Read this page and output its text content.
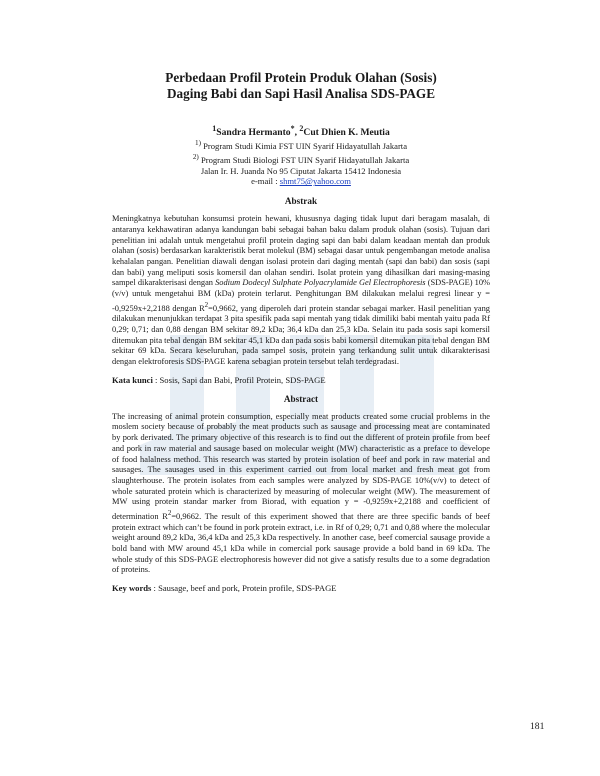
Perbedaan Profil Protein Produk Olahan (Sosis)
Daging Babi dan Sapi Hasil Analisa SDS-PAGE

$^1$Sandra Hermanto*, $^2$Cut Dhien K. Meutia
$^{1)}$ Program Studi Kimia FST UIN Syarif Hidayatullah Jakarta
$^{2)}$ Program Studi Biologi FST UIN Syarif Hidayatullah Jakarta
Jalan Ir. H. Juanda No 95 Ciputat Jakarta 15412 Indonesia
e-mail : shmt75@yahoo.com
Abstrak

Meningkatnya kebutuhan konsumsi protein hewani, khususnya daging tidak luput dari beragam masalah, di antaranya kekhawatiran adanya kandungan babi sebagai bahan baku dalam produk olahan (sosis). Tujuan dari penelitian ini adalah untuk mengetahui profil protein daging sapi dan babi dalam keadaan mentah dan produk olahan (sosis) berdasarkan karakteristik berat molekul (BM) sebagai dasar untuk pengembangan metode analisa kehalalan pangan. Penelitian diawali dengan isolasi protein dari daging mentah (sapi dan babi) dan sosis (sapi dan babi) yang meliputi sosis komersil dan olahan sendiri. Isolat protein yang dihasilkan dari masing-masing sampel dikarakterisasi dengan Sodium Dodecyl Sulphate Polyacrylamide Gel Electrophoresis (SDS-PAGE) 10%(v/v) untuk mengetahui BM (kDa) protein terlarut. Penghitungan BM dilakukan melalui regresi linear y = -0,9259x+2,2188 dengan $R^2=0,9662$, yang diperoleh dari protein standar sebagai marker. Hasil penelitian yang dilakukan menunjukkan terdapat 3 pita spesifik pada sapi mentah yang tidak dimiliki babi mentah yaitu pada Rf 0,29; 0,71; dan 0,88 dengan BM sekitar 89,2 kDa; 36,4 kDa dan 25,3 kDa. Selain itu pada sosis sapi komersil ditemukan pita tebal dengan BM sekitar 45,1 kDa dan pada sosis babi komersil ditemukan pita tebal dengan BM sekitar 69 kDa. Secara keseluruhan, pada sampel sosis, protein yang terkandung sulit untuk dikarakterisasi dengan elektroforesis SDS-PAGE karena sebagian protein tersebut telah terdegradasi.

Kata kunci : Sosis, Sapi dan Babi, Profil Protein, SDS-PAGE
Abstract

The increasing of animal protein consumption, especially meat products created some crucial problems in the moslem society because of probably the meat products such as sausage and processing meat are contaminated by pork derivated. The primary objective of this research is to find out the different of protein profile from beef and pork in raw material and sausage based on molecular weight (MW) characteristic as a preface to develope of food halalness method. This research was started by protein isolation of beef and pork in raw material and sausages. The sausages used in this experiment carried out from local market and fresh meat got from slaughterhouse. The protein isolates from each samples were analyzed by SDS-PAGE 10%(v/v) to detect of whole saturated protein which is characterized by measuring of molecular weight (MW). The measurement of MW using protein standar marker from Biorad, with equation y = -0,9259x+2,2188 and coefficient of determination $R^2=0,9662$. The result of this experiment showed that there are three specific bands of beef protein extract which can’t be found in pork protein extract, i.e. in Rf of 0,29; 0,71 and 0,88 where the molecular weight around 89,2 kDa, 36,4 kDa and 25,3 kDa respectively. In another case, beef comercial sausage provide a bold band with MW around 45,1 kDa while in comercial pork sausage provide a bold band in 69 kDa. The whole study of this SDS-PAGE electrophoresis however did not give a satisfy results due to a some degradation of proteins.

Key words : Sausage, beef and pork, Protein profile, SDS-PAGE
181
